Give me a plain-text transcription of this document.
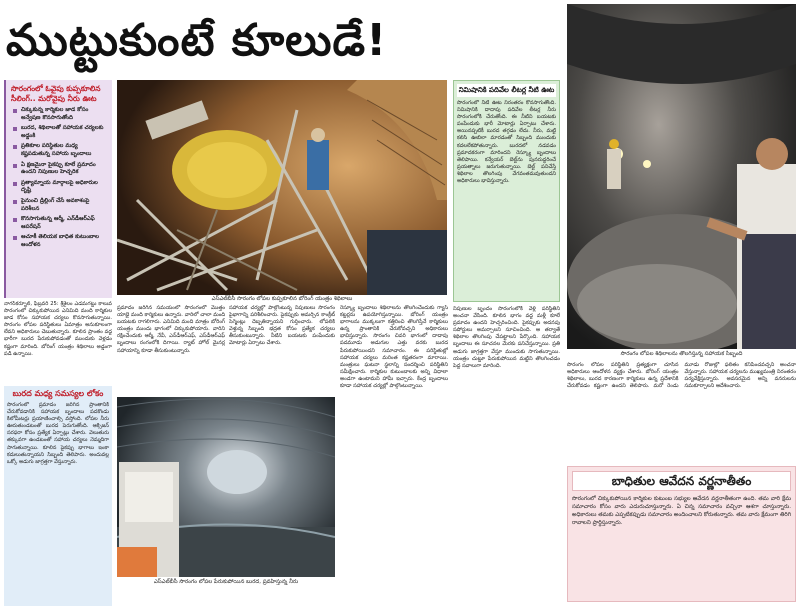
ముట్టుకుంటే కూలుడే!
ఎస్‌ఎల్‌బీసీ సొరంగం లోపల కుప్పకూలిన బోరింగ్ యంత్రం శిథిలాలు
సొరంగం లోపల శిథిలాలను తొలగిస్తున్న సహాయక సిబ్బంది
ఎస్‌ఎల్‌బీసీ సొరంగం లోపల పేరుకుపోయిన బురద, ప్రవహిస్తున్న నీరు
సొరంగంలో ఓవైపు కుప్పకూలిన సీలింగ్.. మరోవైపు నీరు ఊట
చిక్కుకున్న కార్మికుల జాడ కోసం అన్వేషణ కొనసాగుతోంది
బురద, శిథిలాలతో సహాయక చర్యలకు అడ్డంకి
ప్రతికూల పరిస్థితుల మధ్య కష్టపడుతున్న సహాయ బృందాలు
ఏ క్షణమైనా పైకప్పు కూలే ప్రమాదం ఉందని నిపుణుల హెచ్చరిక
ప్రత్యామ్నాయ మార్గాలపై అధికారుల దృష్టి
పైనుంచి డ్రిల్లింగ్ చేసే అవకాశంపై పరిశీలన
కొనసాగుతున్న ఆర్మీ, ఎన్‌డీఆర్‌ఎఫ్ ఆపరేషన్
ఆచూకీ తెలియక బాధిత కుటుంబాల ఆందోళన
నాగర్‌కర్నూల్, ఫిబ్రవరి 25: శ్రీశైలం ఎడమగట్టు కాలువ సొరంగంలో చిక్కుకుపోయిన ఎనిమిది మంది కార్మికుల జాడ కోసం సహాయక చర్యలు కొనసాగుతున్నాయి. సొరంగం లోపల పరిస్థితులు ఏమాత్రం అనుకూలంగా లేవని అధికారులు చెబుతున్నారు. కూలిన ప్రాంతం వద్ద భారీగా బురద పేరుకుపోవడంతో ముందుకు వెళ్లడం కష్టంగా మారింది. బోరింగ్ యంత్రం శిథిలాలు అడ్డంగా పడి ఉన్నాయి.
బురద మధ్య సమస్యల లోకం
సొరంగంలో ప్రమాదం జరిగిన ప్రాంతానికి చేరుకోవడానికి సహాయక బృందాలు పదకొండు కిలోమీటర్లు ప్రయాణించాల్సి వస్తోంది. లోపల నీరు ఊరుతుండటంతో బురద పెరుగుతోంది. ఆక్సిజన్ సరఫరా కోసం ప్రత్యేక ఏర్పాట్లు చేశారు. వెలుతురు తక్కువగా ఉండటంతో సహాయ చర్యలు నెమ్మదిగా సాగుతున్నాయి. కూలిన పైకప్పు భాగాలు ఇంకా కదులుతున్నాయని సిబ్బంది తెలిపారు. అందువల్ల ఒక్కో అడుగు జాగ్రత్తగా వేస్తున్నారు.
ప్రమాదం జరిగిన సమయంలో సొరంగంలో మొత్తం యాభై మంది కార్మికులు ఉన్నారు. వారిలో చాలా మంది బయటకు రాగలిగారు. ఎనిమిది మంది మాత్రం బోరింగ్ యంత్రం ముందు భాగంలో చిక్కుకుపోయారు. వారిని రక్షించేందుకు ఆర్మీ, నేవీ, ఎన్‌డీఆర్‌ఎఫ్, ఎస్‌డీఆర్‌ఎఫ్ బృందాలు రంగంలోకి దిగాయి. ర్యాట్ హోల్ మైనర్ల సహాయాన్ని కూడా తీసుకుంటున్నారు.
సహాయక చర్యల్లో పాల్గొంటున్న నిపుణులు సొరంగం పైభాగాన్ని పరిశీలించారు. పైకప్పుకు అమర్చిన కాంక్రీట్ సెగ్మెంట్లు దెబ్బతిన్నాయని గుర్తించారు. లోపలికి వెళ్తున్న సిబ్బంది భద్రత కోసం ప్రత్యేక చర్యలు తీసుకుంటున్నారు. నీటిని బయటకు పంపేందుకు మోటార్లు ఏర్పాటు చేశారు.
రెస్క్యూ బృందాలు శిథిలాలను తొలగించేందుకు గ్యాస్ కట్టర్లను ఉపయోగిస్తున్నాయి. బోరింగ్ యంత్రం భాగాలను ముక్కలుగా కత్తిరించి తొలగిస్తేనే కార్మికులు ఉన్న ప్రాంతానికి చేరుకోవచ్చని అధికారులు భావిస్తున్నారు. సొరంగం చివరి భాగంలో దాదాపు పదమూడు అడుగుల ఎత్తు వరకు బురద పేరుకుపోయిందని సమాచారం. ఈ పరిస్థితుల్లో సహాయక చర్యలు మరింత కష్టతరంగా మారాయి. మంత్రులు ఘటనా స్థలాన్ని సందర్శించి పరిస్థితిని సమీక్షించారు. కార్మికుల కుటుంబాలకు అన్ని విధాలా అండగా ఉంటామని హామీ ఇచ్చారు. కేంద్ర బృందాలు కూడా సహాయక చర్యల్లో పాల్గొంటున్నాయి.
నిమిషానికి పదివేల లీటర్ల నీటి ఊట
సొరంగంలో నీటి ఊట నిరంతరం కొనసాగుతోంది. నిమిషానికి దాదాపు పదివేల లీటర్ల నీరు సొరంగంలోకి చేరుతోంది. ఈ నీటిని బయటకు పంపేందుకు భారీ మోటార్లు ఏర్పాటు చేశారు. అయినప్పటికీ బురద తగ్గడం లేదు. నీరు, మట్టి కలిసి ఊబిలా మారడంతో సిబ్బంది ముందుకు కదలలేకపోతున్నారు. బురదలో నడవడం ప్రమాదకరంగా మారిందని రెస్క్యూ బృందాలు తెలిపాయి. కన్వేయర్ బెల్ట్‌ను పునరుద్ధరించే ప్రయత్నాలు జరుగుతున్నాయి. బెల్ట్ పనిచేస్తే శిథిలాల తొలగింపు వేగవంతమవుతుందని అధికారులు భావిస్తున్నారు.
నిపుణుల బృందం సొరంగంలోకి వెళ్లి పరిస్థితిని అంచనా వేసింది. కూలిన భాగం వద్ద మళ్లీ కూలే ప్రమాదం ఉందని హెచ్చరించింది. పైకప్పుకు అదనపు సపోర్టులు అమర్చాలని సూచించింది. ఆ తర్వాతే శిథిలాల తొలగింపు చేపట్టాలని పేర్కొంది. సహాయక బృందాలు ఈ సూచనల మేరకు పనిచేస్తున్నాయి. ప్రతి అడుగు జాగ్రత్తగా వేస్తూ ముందుకు సాగుతున్నాయి. యంత్రం చుట్టూ పేరుకుపోయిన మట్టిని తొలగించడం పెద్ద సవాలుగా మారింది.	సొరంగం లోపల పరిస్థితిని ప్రత్యక్షంగా చూసిన అధికారులు ఆందోళన వ్యక్తం చేశారు. బోరింగ్ యంత్రం శిథిలాలు, బురద కారణంగా కార్మికులు ఉన్న ప్రదేశానికి చేరుకోవడం కష్టంగా ఉందని తెలిపారు. మరో రెండు మూడు రోజుల్లో ఫలితం కనిపించవచ్చని అంచనా వేస్తున్నారు. సహాయక చర్యలను ముఖ్యమంత్రి నిరంతరం పర్యవేక్షిస్తున్నారు. అవసరమైన అన్ని వనరులను సమకూర్చాలని ఆదేశించారు.
బాధితుల ఆవేదన వర్ణనాతీతం
సొరంగంలో చిక్కుకుపోయిన కార్మికుల కుటుంబ సభ్యుల ఆవేదన వర్ణనాతీతంగా ఉంది. తమ వారి క్షేమ సమాచారం కోసం వారు ఎదురుచూస్తున్నారు. ఏ చిన్న సమాచారం వచ్చినా ఆశగా చూస్తున్నారు. అధికారులు తమకు ఎప్పటికప్పుడు సమాచారం అందించాలని కోరుతున్నారు. తమ వారు క్షేమంగా తిరిగి రావాలని ప్రార్థిస్తున్నారు.
